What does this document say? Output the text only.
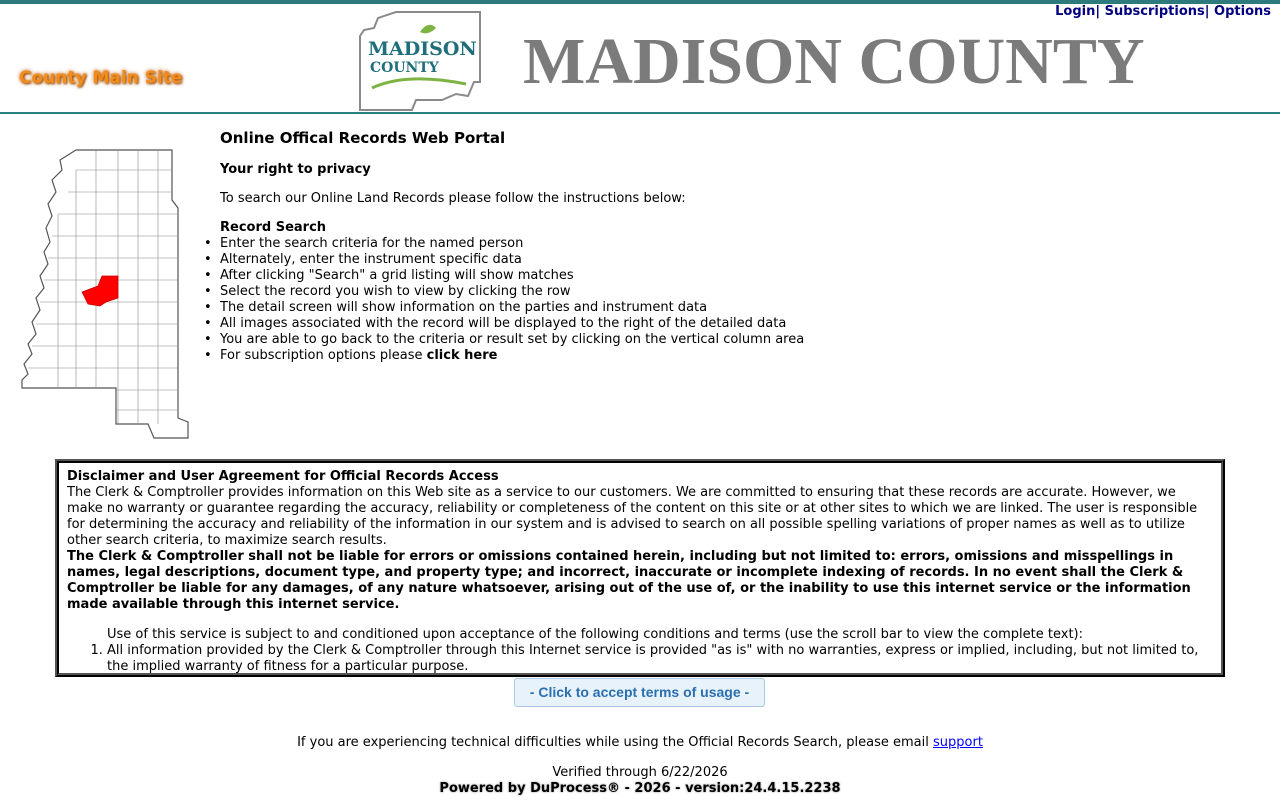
County Main Site
MADISON
COUNTY MADISON COUNTY
Login| Subscriptions| Options
Online Offical Records Web Portal
Your right to privacy
To search our Online Land Records please follow the instructions below:
Record Search
• Enter the search criteria for the named person
• Alternately, enter the instrument specific data
• After clicking "Search" a grid listing will show matches
• Select the record you wish to view by clicking the row
• The detail screen will show information on the parties and instrument data
• All images associated with the record will be displayed to the right of the detailed data
• You are able to go back to the criteria or result set by clicking on the vertical column area
• For subscription options please click here
Disclaimer and User Agreement for Official Records Access
The Clerk & Comptroller provides information on this Web site as a service to our customers. We are committed to ensuring that these records are accurate. However, we make no warranty or guarantee regarding the accuracy, reliability or completeness of the content on this site or at other sites to which we are linked. The user is responsible for determining the accuracy and reliability of the information in our system and is advised to search on all possible spelling variations of proper names as well as to utilize other search criteria, to maximize search results.
The Clerk & Comptroller shall not be liable for errors or omissions contained herein, including but not limited to: errors, omissions and misspellings in names, legal descriptions, document type, and property type; and incorrect, inaccurate or incomplete indexing of records. In no event shall the Clerk & Comptroller be liable for any damages, of any nature whatsoever, arising out of the use of, or the inability to use this internet service or the information made available through this internet service.
Use of this service is subject to and conditioned upon acceptance of the following conditions and terms (use the scroll bar to view the complete text):
1. All information provided by the Clerk & Comptroller through this Internet service is provided "as is" with no warranties, express or implied, including, but not limited to, the implied warranty of fitness for a particular purpose.
- Click to accept terms of usage -
If you are experiencing technical difficulties while using the Official Records Search, please email support
Verified through 6/22/2026
Powered by DuProcess® - 2026 - version:24.4.15.2238
